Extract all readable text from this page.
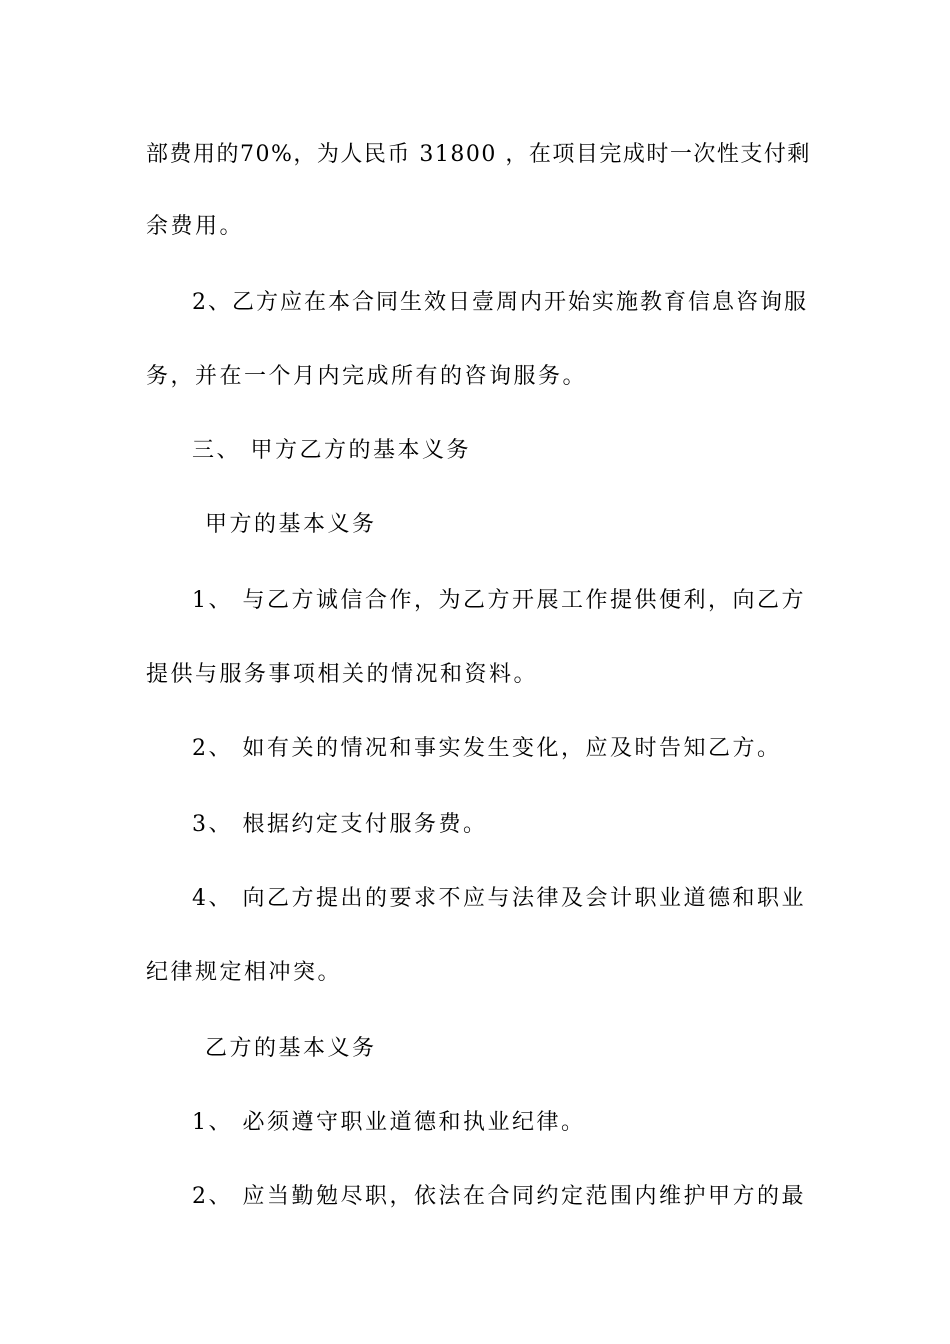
部费用的70%，为人民币 31800 ，在项目完成时一次性支付剩
余费用。
2、乙方应在本合同生效日壹周内开始实施教育信息咨询服
务，并在一个月内完成所有的咨询服务。
三、 甲方乙方的基本义务
甲方的基本义务
1、 与乙方诚信合作，为乙方开展工作提供便利，向乙方
提供与服务事项相关的情况和资料。
2、 如有关的情况和事实发生变化，应及时告知乙方。
3、 根据约定支付服务费。
4、 向乙方提出的要求不应与法律及会计职业道德和职业
纪律规定相冲突。
乙方的基本义务
1、 必须遵守职业道德和执业纪律。
2、 应当勤勉尽职，依法在合同约定范围内维护甲方的最
